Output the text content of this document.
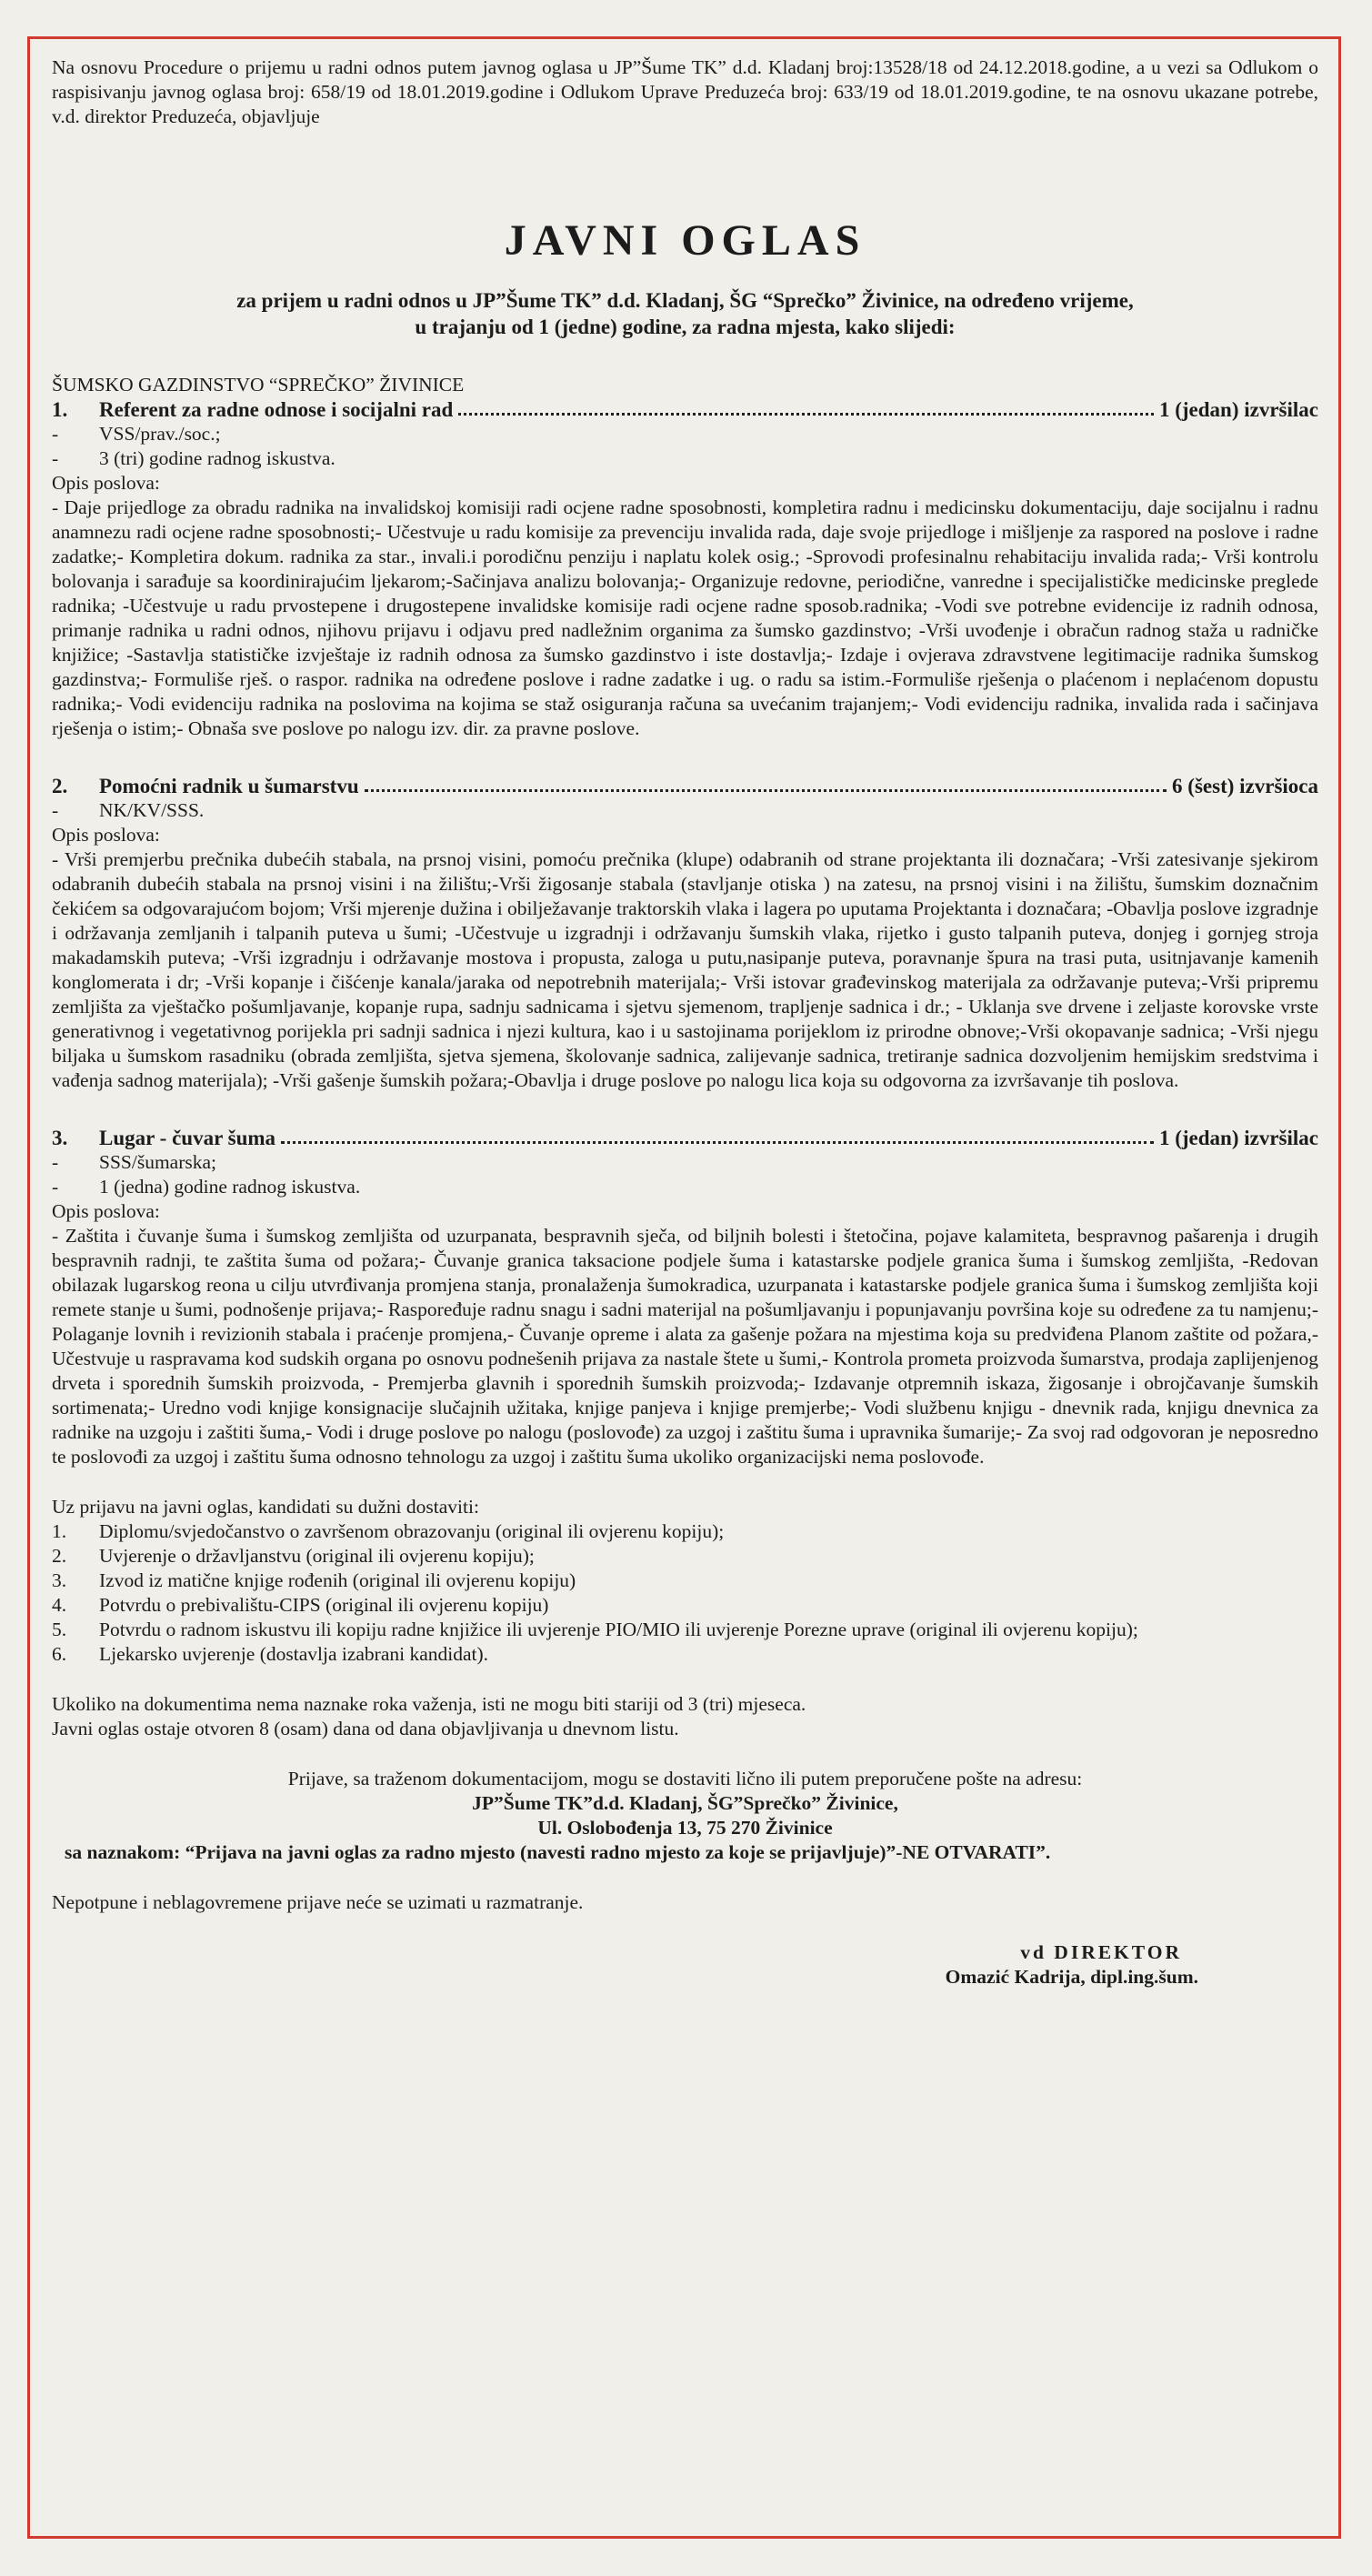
Na osnovu Procedure o prijemu u radni odnos putem javnog oglasa u JP”Šume TK” d.d. Kladanj broj:13528/18 od 24.12.2018.godine, a u vezi sa Odlukom o raspisivanju javnog oglasa broj: 658/19 od 18.01.2019.godine i Odlukom Uprave Preduzeća broj: 633/19 od 18.01.2019.godine, te na osnovu ukazane potrebe, v.d. direktor Preduzeća, objavljuje

JAVNI OGLAS
za prijem u radni odnos u JP”Šume TK” d.d. Kladanj, ŠG “Sprečko” Živinice, na određeno vrijeme,
u trajanju od 1 (jedne) godine, za radna mjesta, kako slijedi:

ŠUMSKO GAZDINSTVO “SPREČKO” ŽIVINICE

1.	Referent za radne odnose i socijalni rad	1 (jedan) izvršilac
-	VSS/prav./soc.;
-	3 (tri) godine radnog iskustva.

Opis poslova:

- Daje prijedloge za obradu radnika na invalidskoj komisiji radi ocjene radne sposobnosti, kompletira radnu i medicinsku dokumentaciju, daje socijalnu i radnu anamnezu radi ocjene radne sposobnosti;- Učestvuje u radu komisije za prevenciju invalida rada, daje svoje prijedloge i mišljenje za raspored na poslove i radne zadatke;- Kompletira dokum. radnika za star., invali.i porodičnu penziju i naplatu kolek osig.; -Sprovodi profesinalnu rehabitaciju invalida rada;- Vrši kontrolu bolovanja i sarađuje sa koordinirajućim ljekarom;-Sačinjava analizu bolovanja;- Organizuje redovne, periodične, vanredne i specijalističke medicinske preglede radnika; -Učestvuje u radu prvostepene i drugostepene invalidske komisije radi ocjene radne sposob.radnika; -Vodi sve potrebne evidencije iz radnih odnosa, primanje radnika u radni odnos, njihovu prijavu i odjavu pred nadležnim organima za šumsko gazdinstvo; -Vrši uvođenje i obračun radnog staža u radničke knjižice; -Sastavlja statističke izvještaje iz radnih odnosa za šumsko gazdinstvo i iste dostavlja;- Izdaje i ovjerava zdravstvene legitimacije radnika šumskog gazdinstva;- Formuliše rješ. o raspor. radnika na određene poslove i radne zadatke i ug. o radu sa istim.-Formuliše rješenja o plaćenom i neplaćenom dopustu radnika;- Vodi evidenciju radnika na poslovima na kojima se staž osiguranja računa sa uvećanim trajanjem;- Vodi evidenciju radnika, invalida rada i sačinjava rješenja o istim;- Obnaša sve poslove po nalogu izv. dir. za pravne poslove.

2.	Pomoćni radnik u šumarstvu	6 (šest) izvršioca
-	NK/KV/SSS.

Opis poslova:

- Vrši premjerbu prečnika dubećih stabala, na prsnoj visini, pomoću prečnika (klupe) odabranih od strane projektanta ili doznačara; -Vrši zatesivanje sjekirom odabranih dubećih stabala na prsnoj visini i na žilištu;-Vrši žigosanje stabala (stavljanje otiska ) na zatesu, na prsnoj visini i na žilištu, šumskim doznačnim čekićem sa odgovarajućom bojom; Vrši mjerenje dužina i obilježavanje traktorskih vlaka i lagera po uputama Projektanta i doznačara; -Obavlja poslove izgradnje i održavanja zemljanih i talpanih puteva u šumi; -Učestvuje u izgradnji i održavanju šumskih vlaka, rijetko i gusto talpanih puteva, donjeg i gornjeg stroja makadamskih puteva; -Vrši izgradnju i održavanje mostova i propusta, zaloga u putu,nasipanje puteva, poravnanje špura na trasi puta, usitnjavanje kamenih konglomerata i dr; -Vrši kopanje i čišćenje kanala/jaraka od nepotrebnih materijala;- Vrši istovar građevinskog materijala za održavanje puteva;-Vrši pripremu zemljišta za vještačko pošumljavanje, kopanje rupa, sadnju sadnicama i sjetvu sjemenom, trapljenje sadnica i dr.; - Uklanja sve drvene i zeljaste korovske vrste generativnog i vegetativnog porijekla pri sadnji sadnica i njezi kultura, kao i u sastojinama porijeklom iz prirodne obnove;-Vrši okopavanje sadnica; -Vrši njegu biljaka u šumskom rasadniku (obrada zemljišta, sjetva sjemena, školovanje sadnica, zalijevanje sadnica, tretiranje sadnica dozvoljenim hemijskim sredstvima i vađenja sadnog materijala); -Vrši gašenje šumskih požara;-Obavlja i druge poslove po nalogu lica koja su odgovorna za izvršavanje tih poslova.

3.	Lugar - čuvar šuma	1 (jedan) izvršilac
-	SSS/šumarska;
-	1 (jedna) godine radnog iskustva.

Opis poslova:

- Zaštita i čuvanje šuma i šumskog zemljišta od uzurpanata, bespravnih sječa, od biljnih bolesti i štetočina, pojave kalamiteta, bespravnog pašarenja i drugih bespravnih radnji, te zaštita šuma od požara;- Čuvanje granica taksacione podjele šuma i katastarske podjele granica šuma i šumskog zemljišta, -Redovan obilazak lugarskog reona u cilju utvrđivanja promjena stanja, pronalaženja šumokradica, uzurpanata i katastarske podjele granica šuma i šumskog zemljišta koji remete stanje u šumi, podnošenje prijava;- Raspoređuje radnu snagu i sadni materijal na pošumljavanju i popunjavanju površina koje su određene za tu namjenu;- Polaganje lovnih i revizionih stabala i praćenje promjena,- Čuvanje opreme i alata za gašenje požara na mjestima koja su predviđena Planom zaštite od požara,- Učestvuje u raspravama kod sudskih organa po osnovu podnešenih prijava za nastale štete u šumi,- Kontrola prometa proizvoda šumarstva, prodaja zaplijenjenog drveta i sporednih šumskih proizvoda, - Premjerba glavnih i sporednih šumskih proizvoda;- Izdavanje otpremnih iskaza, žigosanje i obrojčavanje šumskih sortimenata;- Uredno vodi knjige konsignacije slučajnih užitaka, knjige panjeva i knjige premjerbe;- Vodi službenu knjigu - dnevnik rada, knjigu dnevnica za radnike na uzgoju i zaštiti šuma,- Vodi i druge poslove po nalogu (poslovođe) za uzgoj i zaštitu šuma i upravnika šumarije;- Za svoj rad odgovoran je neposredno te poslovođi za uzgoj i zaštitu šuma odnosno tehnologu za uzgoj i zaštitu šuma ukoliko organizacijski nema poslovođe.

Uz prijavu na javni oglas, kandidati su dužni dostaviti:

1.	Diplomu/svjedočanstvo o završenom obrazovanju (original ili ovjerenu kopiju);
2.	Uvjerenje o državljanstvu (original ili ovjerenu kopiju);
3.	Izvod iz matične knjige rođenih (original ili ovjerenu kopiju)
4.	Potvrdu o prebivalištu-CIPS (original ili ovjerenu kopiju)
5.	Potvrdu o radnom iskustvu ili kopiju radne knjižice ili uvjerenje PIO/MIO ili uvjerenje Porezne uprave (original ili ovjerenu kopiju);
6.	Ljekarsko uvjerenje (dostavlja izabrani kandidat).

Ukoliko na dokumentima nema naznake roka važenja, isti ne mogu biti stariji od 3 (tri) mjeseca.

Javni oglas ostaje otvoren 8 (osam) dana od dana objavljivanja u dnevnom listu.

Prijave, sa traženom dokumentacijom, mogu se dostaviti lično ili putem preporučene pošte na adresu:

JP”Šume TK”d.d. Kladanj, ŠG”Sprečko” Živinice,

Ul. Oslobođenja 13, 75 270 Živinice

sa naznakom: “Prijava na javni oglas za radno mjesto (navesti radno mjesto za koje se prijavljuje)”-NE OTVARATI”.

Nepotpune i neblagovremene prijave neće se uzimati u razmatranje.

vd DIREKTOR

Omazić Kadrija, dipl.ing.šum.
